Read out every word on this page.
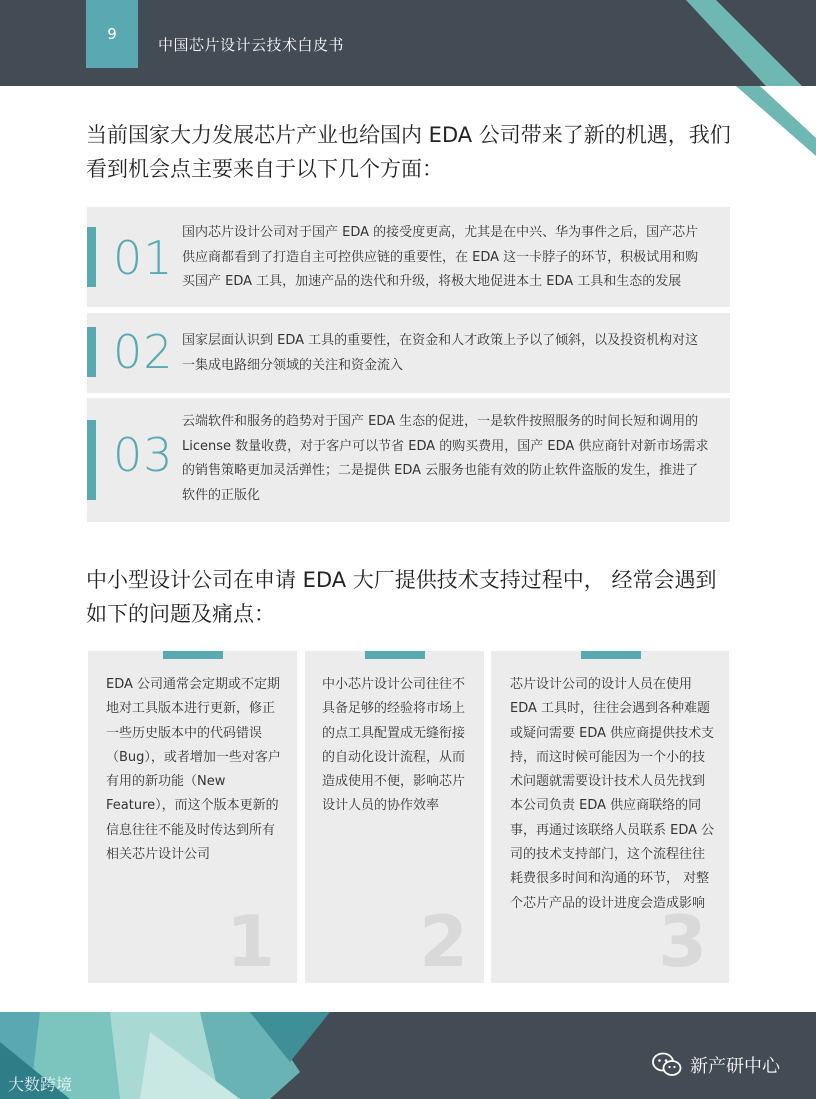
9
中国芯片设计云技术白皮书
当前国家大力发展芯片产业也给国内 EDA 公司带来了新的机遇，我们看到机会点主要来自于以下几个方面：
01 国内芯片设计公司对于国产 EDA 的接受度更高，尤其是在中兴、华为事件之后，国产芯片供应商都看到了打造自主可控供应链的重要性，在 EDA 这一卡脖子的环节，积极试用和购买国产 EDA 工具，加速产品的迭代和升级，将极大地促进本土 EDA 工具和生态的发展
02 国家层面认识到 EDA 工具的重要性，在资金和人才政策上予以了倾斜，以及投资机构对这一集成电路细分领域的关注和资金流入
03
云端软件和服务的趋势对于国产 EDA 生态的促进，一是软件按照服务的时间长短和调用的 License 数量收费，对于客户可以节省 EDA 的购买费用，国产 EDA 供应商针对新市场需求的销售策略更加灵活弹性；二是提供 EDA 云服务也能有效的防止软件盗版的发生，推进了软件的正版化
中小型设计公司在申请 EDA 大厂提供技术支持过程中， 经常会遇到如下的问题及痛点：
EDA 公司通常会定期或不定期地对工具版本进行更新，修正一些历史版本中的代码错误（Bug），或者增加一些对客户有用的新功能（New Feature），而这个版本更新的信息往往不能及时传达到所有相关芯片设计公司
1
中小芯片设计公司往往不具备足够的经验将市场上的点工具配置成无缝衔接的自动化设计流程，从而造成使用不便，影响芯片设计人员的协作效率
2
芯片设计公司的设计人员在使用 EDA 工具时，往往会遇到各种难题或疑问需要 EDA 供应商提供技术支持，而这时候可能因为一个小的技术问题就需要设计技术人员先找到本公司负责 EDA 供应商联络的同事，再通过该联络人员联系 EDA 公司的技术支持部门，这个流程往往耗费很多时间和沟通的环节， 对整个芯片产品的设计进度会造成影响
3
大数跨境
新产研中心
